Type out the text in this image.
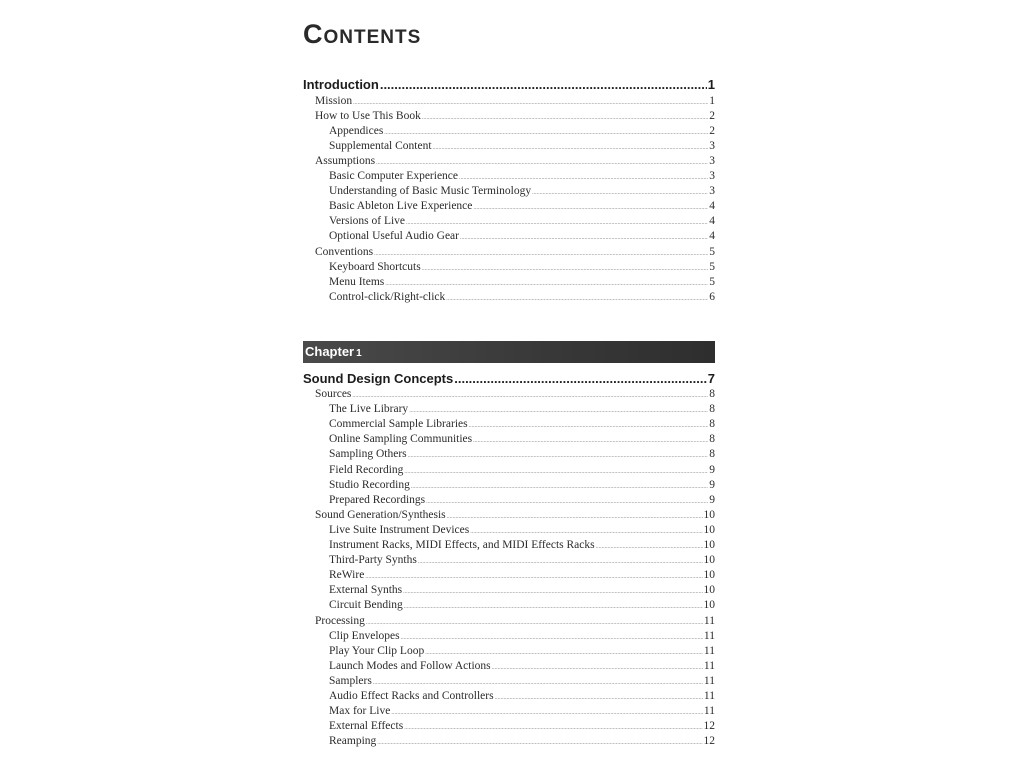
Contents
Introduction .....	1
Mission .....	1
How to Use This Book .....	2
Appendices .....	2
Supplemental Content .....	3
Assumptions .....	3
Basic Computer Experience .....	3
Understanding of Basic Music Terminology .....	3
Basic Ableton Live Experience .....	4
Versions of Live .....	4
Optional Useful Audio Gear .....	4
Conventions .....	5
Keyboard Shortcuts .....	5
Menu Items .....	5
Control-click/Right-click .....	6
Chapter 1
Sound Design Concepts .....	7
Sources .....	8
The Live Library .....	8
Commercial Sample Libraries .....	8
Online Sampling Communities .....	8
Sampling Others .....	8
Field Recording .....	9
Studio Recording .....	9
Prepared Recordings .....	9
Sound Generation/Synthesis .....	10
Live Suite Instrument Devices .....	10
Instrument Racks, MIDI Effects, and MIDI Effects Racks .....	10
Third-Party Synths .....	10
ReWire .....	10
External Synths .....	10
Circuit Bending .....	10
Processing .....	11
Clip Envelopes .....	11
Play Your Clip Loop .....	11
Launch Modes and Follow Actions .....	11
Samplers .....	11
Audio Effect Racks and Controllers .....	11
Max for Live .....	11
External Effects .....	12
Reamping .....	12
